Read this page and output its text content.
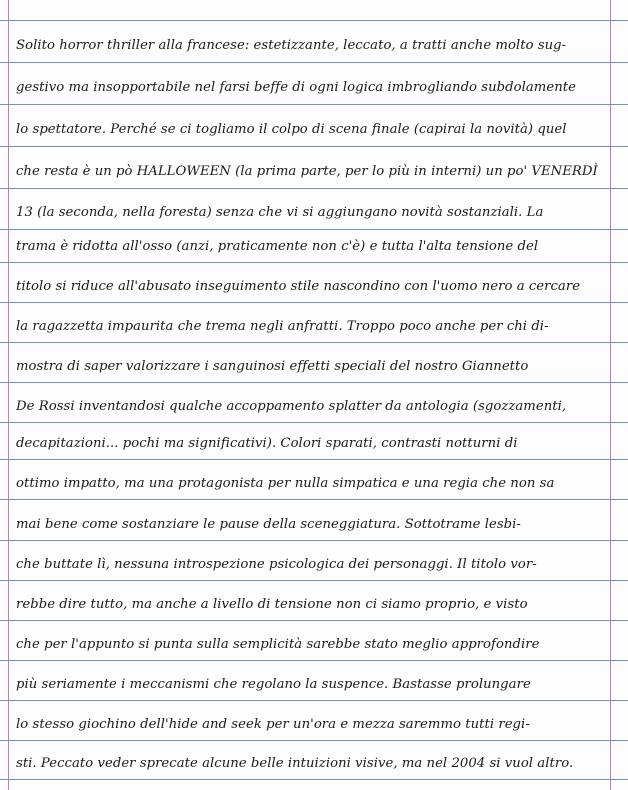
Solito horror thriller alla francese: estetizzante, leccato, a tratti anche molto sug-
gestivo ma insopportabile nel farsi beffe di ogni logica imbrogliando subdolamente
lo spettatore. Perché se ci togliamo il colpo di scena finale (capirai la novità) quel
che resta è un pò HALLOWEEN (la prima parte, per lo più in interni) un po' VENERDÌ
13 (la seconda, nella foresta) senza che vi si aggiungano novità sostanziali. La
trama è ridotta all'osso (anzi, praticamente non c'è) e tutta l'alta tensione del
titolo si riduce all'abusato inseguimento stile nascondino con l'uomo nero a cercare
la ragazzetta impaurita che trema negli anfratti. Troppo poco anche per chi di-
mostra di saper valorizzare i sanguinosi effetti speciali del nostro Giannetto
De Rossi inventandosi qualche accoppamento splatter da antologia (sgozzamenti,
decapitazioni... pochi ma significativi). Colori sparati, contrasti notturni di
ottimo impatto, ma una protagonista per nulla simpatica e una regia che non sa
mai bene come sostanziare le pause della sceneggiatura. Sottotrame lesbi-
che buttate lì, nessuna introspezione psicologica dei personaggi. Il titolo vor-
rebbe dire tutto, ma anche a livello di tensione non ci siamo proprio, e visto
che per l'appunto si punta sulla semplicità sarebbe stato meglio approfondire
più seriamente i meccanismi che regolano la suspence. Bastasse prolungare
lo stesso giochino dell'hide and seek per un'ora e mezza saremmo tutti regi-
sti. Peccato veder sprecate alcune belle intuizioni visive, ma nel 2004 si vuol altro.
